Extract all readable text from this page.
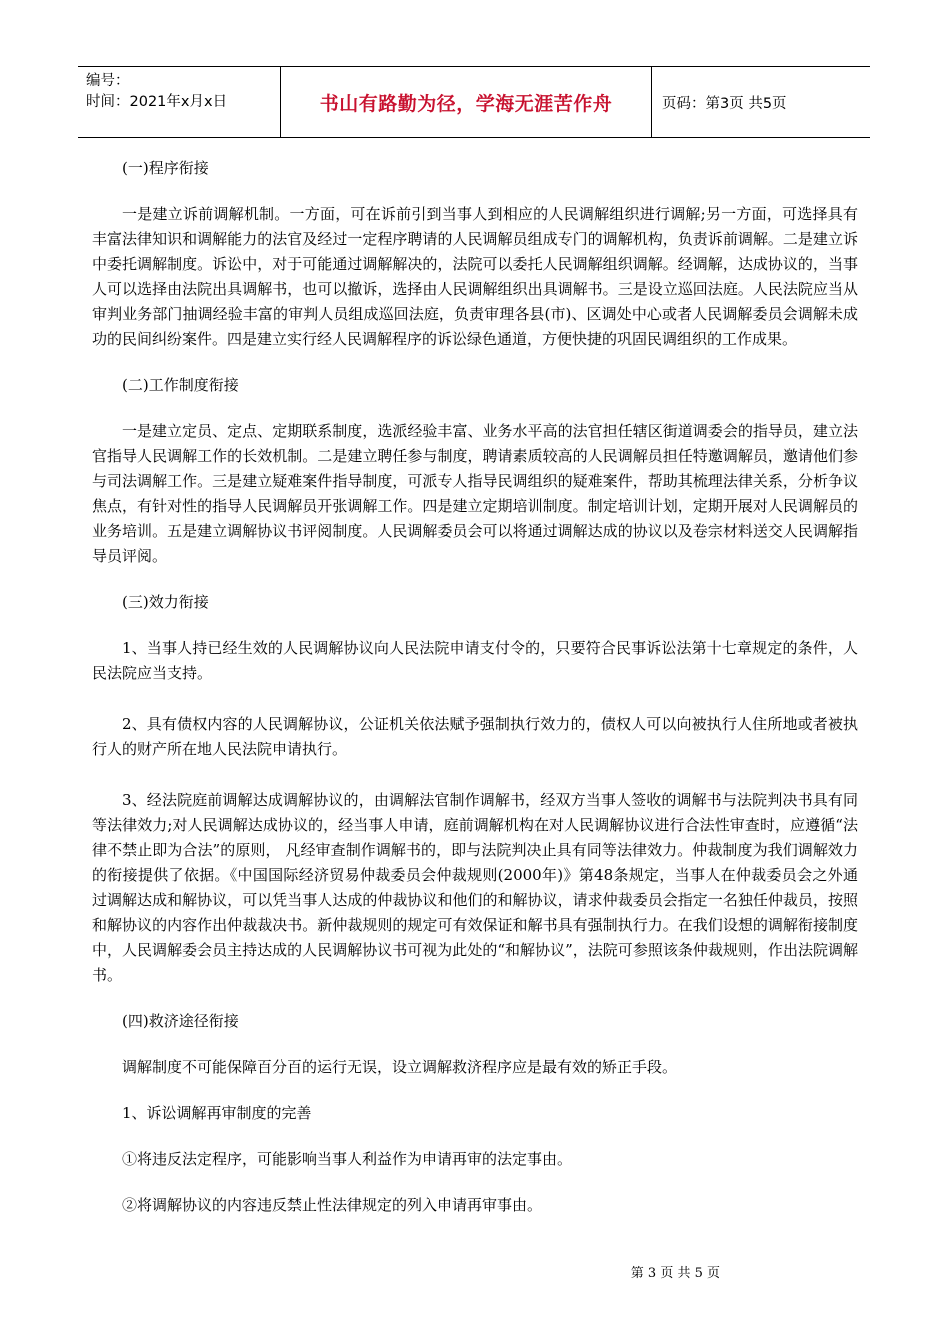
编号：
时间：2021年x月x日	书山有路勤为径，学海无涯苦作舟	页码：第3页 共5页

(一)程序衔接

一是建立诉前调解机制。一方面，可在诉前引到当事人到相应的人民调解组织进行调解;另一方面，可选择具有丰富法律知识和调解能力的法官及经过一定程序聘请的人民调解员组成专门的调解机构，负责诉前调解。二是建立诉中委托调解制度。诉讼中，对于可能通过调解解决的，法院可以委托人民调解组织调解。经调解，达成协议的，当事人可以选择由法院出具调解书，也可以撤诉，选择由人民调解组织出具调解书。三是设立巡回法庭。人民法院应当从审判业务部门抽调经验丰富的审判人员组成巡回法庭，负责审理各县(市)、区调处中心或者人民调解委员会调解未成功的民间纠纷案件。四是建立实行经人民调解程序的诉讼绿色通道，方便快捷的巩固民调组织的工作成果。

(二)工作制度衔接

一是建立定员、定点、定期联系制度，选派经验丰富、业务水平高的法官担任辖区街道调委会的指导员，建立法官指导人民调解工作的长效机制。二是建立聘任参与制度，聘请素质较高的人民调解员担任特邀调解员，邀请他们参与司法调解工作。三是建立疑难案件指导制度，可派专人指导民调组织的疑难案件，帮助其梳理法律关系，分析争议焦点，有针对性的指导人民调解员开张调解工作。四是建立定期培训制度。制定培训计划，定期开展对人民调解员的业务培训。五是建立调解协议书评阅制度。人民调解委员会可以将通过调解达成的协议以及卷宗材料送交人民调解指导员评阅。

(三)效力衔接

1、当事人持已经生效的人民调解协议向人民法院申请支付令的，只要符合民事诉讼法第十七章规定的条件，人民法院应当支持。

2、具有债权内容的人民调解协议，公证机关依法赋予强制执行效力的，债权人可以向被执行人住所地或者被执行人的财产所在地人民法院申请执行。

3、经法院庭前调解达成调解协议的，由调解法官制作调解书，经双方当事人签收的调解书与法院判决书具有同等法律效力;对人民调解达成协议的，经当事人申请，庭前调解机构在对人民调解协议进行合法性审查时，应遵循“法律不禁止即为合法”的原则， 凡经审查制作调解书的，即与法院判决止具有同等法律效力。仲裁制度为我们调解效力的衔接提供了依据。《中国国际经济贸易仲裁委员会仲裁规则(2000年)》第48条规定，当事人在仲裁委员会之外通过调解达成和解协议，可以凭当事人达成的仲裁协议和他们的和解协议，请求仲裁委员会指定一名独任仲裁员，按照和解协议的内容作出仲裁裁决书。新仲裁规则的规定可有效保证和解书具有强制执行力。在我们设想的调解衔接制度中，人民调解委会员主持达成的人民调解协议书可视为此处的“和解协议”，法院可参照该条仲裁规则，作出法院调解书。

(四)救济途径衔接

调解制度不可能保障百分百的运行无误，设立调解救济程序应是最有效的矫正手段。

1、诉讼调解再审制度的完善

①将违反法定程序，可能影响当事人利益作为申请再审的法定事由。

②将调解协议的内容违反禁止性法律规定的列入申请再审事由。

第 3 页 共 5 页
